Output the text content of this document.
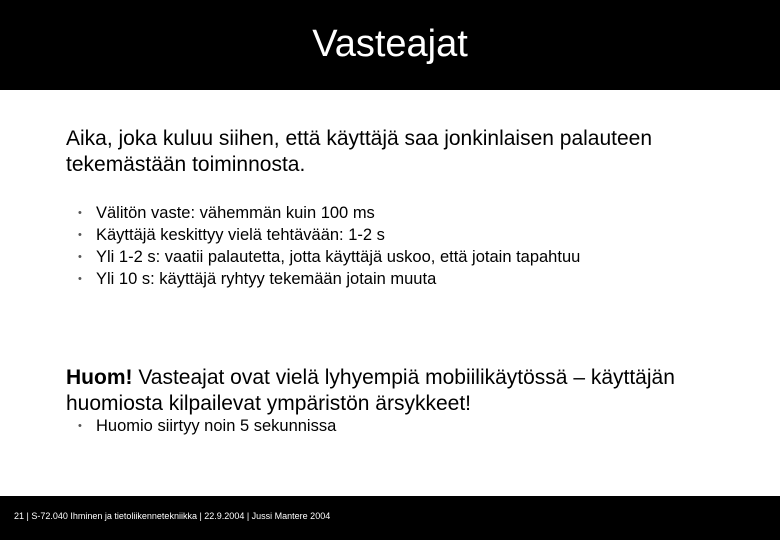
Vasteajat

Aika, joka kuluu siihen, että käyttäjä saa jonkinlaisen palauteen tekemästään toiminnosta.

• Välitön vaste: vähemmän kuin 100 ms
• Käyttäjä keskittyy vielä tehtävään: 1-2 s
• Yli 1-2 s: vaatii palautetta, jotta käyttäjä uskoo, että jotain tapahtuu
• Yli 10 s: käyttäjä ryhtyy tekemään jotain muuta

Huom! Vasteajat ovat vielä lyhyempiä mobiilikäytössä – käyttäjän huomiosta kilpailevat ympäristön ärsykkeet!

• Huomio siirtyy noin 5 sekunnissa
21 | S-72.040 Ihminen ja tietoliikennetekniikka | 22.9.2004 | Jussi Mantere 2004
